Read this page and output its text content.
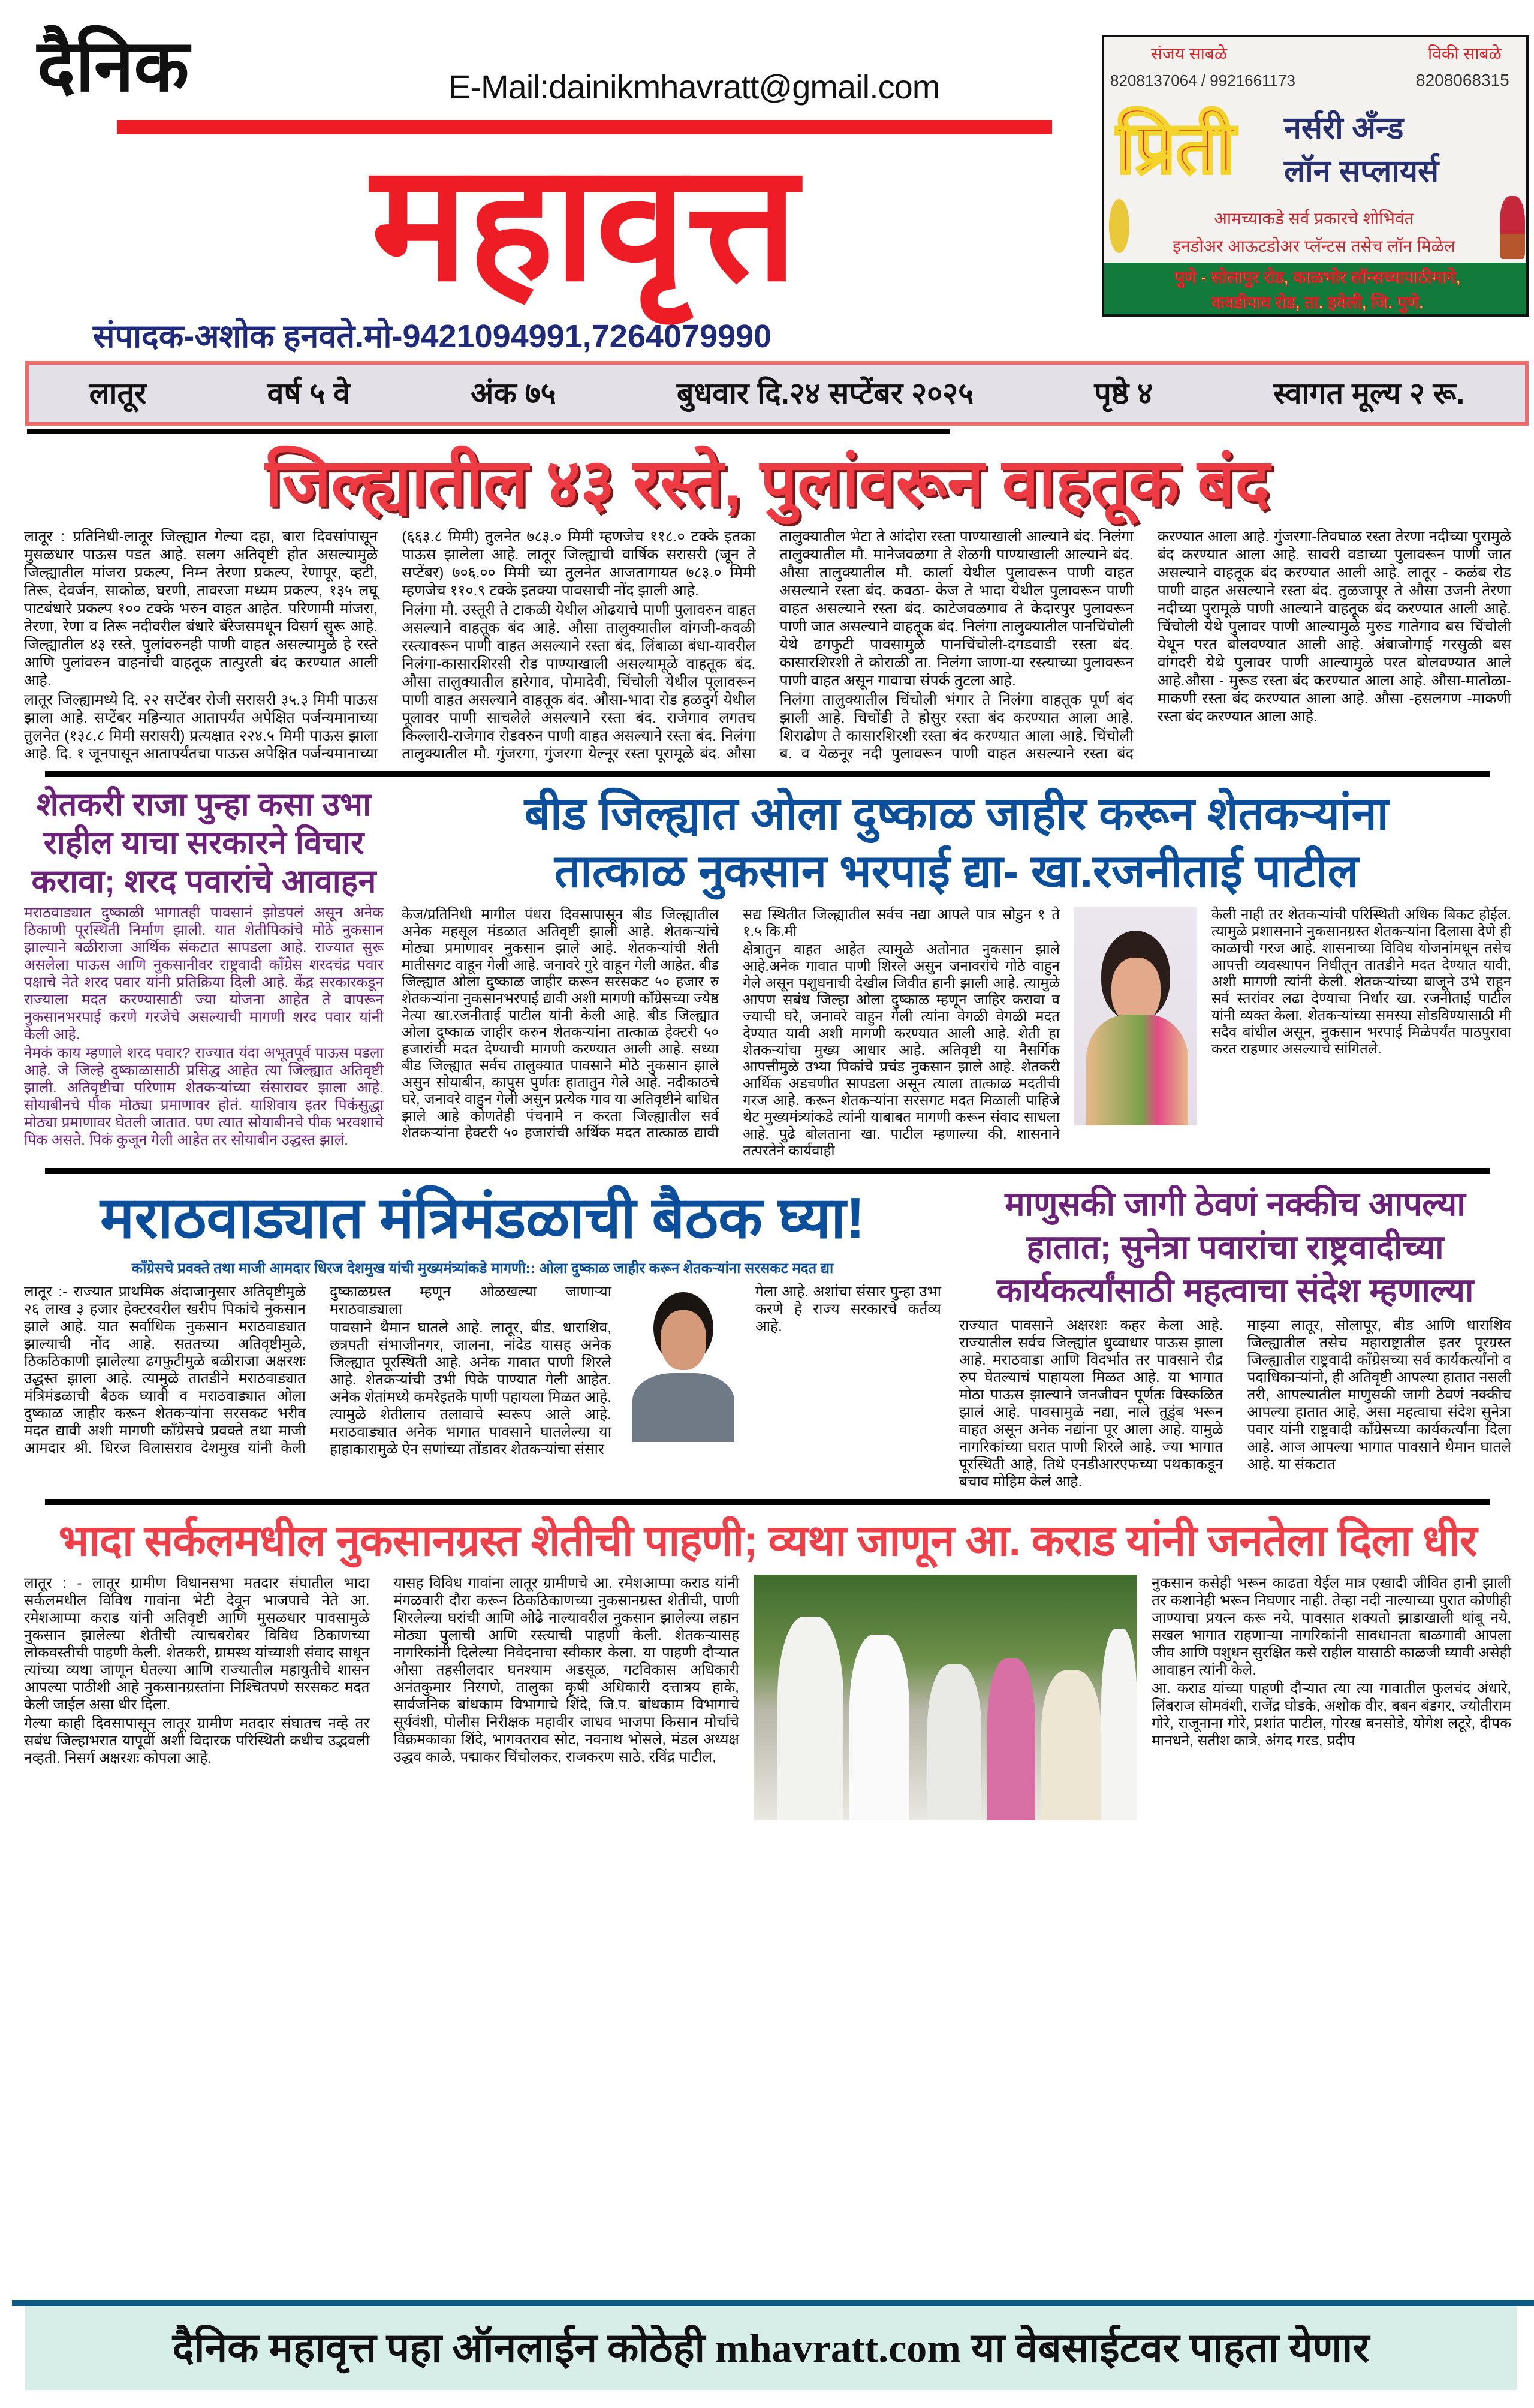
दैनिक	E-Mail:dainikmhavratt@gmail.com
महावृत्त
संपादक-अशोक हनवते.मो-9421094991,7264079990
संजय साबळे
8208137064 / 9921661173
विकी साबळे
8208068315
प्रिती नर्सरी अँन्ड
लॉन सप्लायर्स
आमच्याकडे सर्व प्रकारचे शोभिवंत
इनडोअर आऊटडोअर प्लॅन्टस तसेच लॉन मिळेल
पुणे - सोलापुर रोड, काळभोर लॉन्सच्यापाठीमागे,
कवडीपाव रोड, ता. हवेली, जि. पुणे.
लातूर	वर्ष ५ वे	अंक ७५	बुधवार दि.२४ सप्टेंबर २०२५	पृष्ठे ४	स्वागत मूल्य २ रू.
जिल्ह्यातील ४३ रस्ते, पुलांवरून वाहतूक बंद

लातूर : प्रतिनिधी-लातूर जिल्ह्यात गेल्या दहा, बारा दिवसांपासून मुसळधार पाऊस पडत आहे. सलग अतिवृष्टी होत असल्यामुळे जिल्ह्यातील मांजरा प्रकल्प, निम्न तेरणा प्रकल्प, रेणापूर, व्हटी, तिरू, देवर्जन, साकोळ, घरणी, तावरजा मध्यम प्रकल्प, १३५ लघू पाटबंधारे प्रकल्प १०० टक्के भरुन वाहत आहेत. परिणामी मांजरा, तेरणा, रेणा व तिरू नदीवरील बंधारे बॅरेजसमधून विसर्ग सुरू आहे. जिल्ह्यातील ४३ रस्ते, पुलांवरुनही पाणी वाहत असल्यामुळे हे रस्ते आणि पुलांवरुन वाहनांची वाहतूक तात्पुरती बंद करण्यात आली आहे.

लातूर जिल्ह्यामध्ये दि. २२ सप्टेंबर रोजी सरासरी ३५.३ मिमी पाऊस झाला आहे. सप्टेंबर महिन्यात आतापर्यंत अपेक्षित पर्जन्यमानाच्या तुलनेत (१३८.८ मिमी सरासरी) प्रत्यक्षात २२४.५ मिमी पाऊस झाला आहे. दि. १ जूनपासून आतापर्यंतचा पाऊस अपेक्षित पर्जन्यमानाच्या (६६३.८ मिमी) तुलनेत ७८३.० मिमी म्हणजेच ११८.० टक्के इतका पाऊस झालेला आहे. लातूर जिल्ह्याची वार्षिक सरासरी (जून ते सप्टेंबर) ७०६.०० मिमी च्या तुलनेत आजतागायत ७८३.० मिमी म्हणजेच ११०.९ टक्के इतक्या पावसाची नोंद झाली आहे.

निलंगा मौ. उस्तूरी ते टाकळी येथील ओढयाचे पाणी पुलावरुन वाहत असल्याने वाहतूक बंद आहे. औसा तालुक्यातील वांगजी-कवळी रस्त्यावरून पाणी वाहत असल्याने रस्ता बंद, लिंबाळा बंधा-यावरील निलंगा-कासारशिरसी रोड पाण्याखाली असल्यामूळे वाहतूक बंद. औसा तालुक्यातील हारेगाव, पोमादेवी, चिंचोली येथील पूलावरून पाणी वाहत असल्याने वाहतूक बंद. औसा-भादा रोड हळदुर्ग येथील पूलावर पाणी साचलेले असल्याने रस्ता बंद. राजेगाव लगतच किल्लारी-राजेगाव रोडवरुन पाणी वाहत असल्याने रस्ता बंद. निलंगा तालुक्यातील मौ. गुंजरगा, गुंजरगा येल्नूर रस्ता पूरामूळे बंद. औसा तालुक्यातील भेटा ते आंदोरा रस्ता पाण्याखाली आल्याने बंद. निलंगा तालुक्यातील मौ. मानेजवळगा ते शेळगी पाण्याखाली आल्याने बंद. औसा तालुक्यातील मौ. कार्ला येथील पुलावरून पाणी वाहत असल्याने रस्ता बंद. कवठा- केज ते भादा येथील पुलावरून पाणी वाहत असल्याने रस्ता बंद. काटेजवळगाव ते केदारपुर पुलावरून पाणी जात असल्याने वाहतूक बंद. निलंगा तालुक्यातील पानचिंचोली येथे ढगफुटी पावसामुळे पानचिंचोली-दगडवाडी रस्ता बंद. कासारशिरशी ते कोराळी ता. निलंगा जाणा-या रस्त्याच्या पुलावरून पाणी वाहत असून गावाचा संपर्क तुटला आहे.

निलंगा तालुक्यातील चिंचोली भंगार ते निलंगा वाहतूक पूर्ण बंद झाली आहे. चिचोंडी ते होसुर रस्ता बंद करण्यात आला आहे. शिराढोण ते कासारशिरशी रस्ता बंद करण्यात आला आहे. चिंचोली ब. व येळनूर नदी पुलावरून पाणी वाहत असल्याने रस्ता बंद करण्यात आला आहे. गुंजरगा-तिवघाळ रस्ता तेरणा नदीच्या पुरामुळे बंद करण्यात आला आहे. सावरी वडाच्या पुलावरून पाणी जात असल्याने वाहतूक बंद करण्यात आली आहे. लातूर - कळंब रोड पाणी वाहत असल्याने रस्ता बंद. तुळजापूर ते औसा उजनी तेरणा नदीच्या पुरामूळे पाणी आल्याने वाहतूक बंद करण्यात आली आहे. चिंचोली येथे पुलावर पाणी आल्यामुळे मुरुड गातेगाव बस चिंचोली येथून परत बोलवण्यात आली आहे. अंबाजोगाई गरसुळी बस वांगदरी येथे पुलावर पाणी आल्यामुळे परत बोलवण्यात आले आहे.औसा - मुरूड रस्ता बंद करण्यात आला आहे. औसा-मातोळा-माकणी रस्ता बंद करण्यात आला आहे. औसा -हसलगण -माकणी रस्ता बंद करण्यात आला आहे.

शेतकरी राजा पुन्हा कसा उभा राहील याचा सरकारने विचार करावा; शरद पवारांचे आवाहन

मराठवाड्यात दुष्काळी भागातही पावसानं झोडपलं असून अनेक ठिकाणी पूरस्थिती निर्माण झाली. यात शेतीपिकांचे मोठे नुकसान झाल्याने बळीराजा आर्थिक संकटात सापडला आहे. राज्यात सुरू असलेला पाऊस आणि नुकसानीवर राष्ट्रवादी कॉंग्रेस शरदचंद्र पवार पक्षाचे नेते शरद पवार यांनी प्रतिक्रिया दिली आहे. केंद्र सरकारकडून राज्याला मदत करण्यासाठी ज्या योजना आहेत ते वापरून नुकसानभरपाई करणे गरजेचे असल्याची मागणी शरद पवार यांनी केली आहे.

नेमकं काय म्हणाले शरद पवार? राज्यात यंदा अभूतपूर्व पाऊस पडला आहे. जे जिल्हे दुष्काळासाठी प्रसिद्ध आहेत त्या जिल्ह्यात अतिवृष्टी झाली. अतिवृष्टीचा परिणाम शेतकऱ्यांच्या संसारावर झाला आहे. सोयाबीनचे पीक मोठ्या प्रमाणावर होतं. याशिवाय इतर पिकंसुद्धा मोठ्या प्रमाणावर घेतली जातात. पण त्यात सोयाबीनचे पीक भरवशाचे पिक असते. पिकं कुजून गेली आहेत तर सोयाबीन उद्धस्त झालं.

बीड जिल्ह्यात ओला दुष्काळ जाहीर करून शेतकऱ्यांना
तात्काळ नुकसान भरपाई द्या- खा.रजनीताई पाटील

केज/प्रतिनिधी मागील पंधरा दिवसापासून बीड जिल्ह्यातील अनेक महसूल मंडळात अतिवृष्टी झाली आहे. शेतकऱ्यांचे मोठ्या प्रमाणावर नुकसान झाले आहे. शेतकऱ्यांची शेती मातीसगट वाहून गेली आहे. जनावरे गुरे वाहून गेली आहेत. बीड जिल्ह्यात ओला दुष्काळ जाहीर करून सरसकट ५० हजार रु शेतकऱ्यांना नुकसानभरपाई द्यावी अशी मागणी कॉंग्रेसच्या ज्येष्ठ नेत्या खा.रजनीताई पाटील यांनी केली आहे. बीड जिल्ह्यात ओला दुष्काळ जाहीर करुन शेतकऱ्यांना तात्काळ हेक्टरी ५० हजारांची मदत देण्याची मागणी करण्यात आली आहे. सध्या बीड जिल्ह्यात सर्वच तालुक्यात पावसाने मोठे नुकसान झाले असुन सोयाबीन, कापुस पुर्णतः हातातुन गेले आहे. नदीकाठचे घरे, जनावरे वाहुन गेली असुन प्रत्येक गाव या अतिवृष्टीने बाधित झाले आहे कोणतेही पंचनामे न करता जिल्ह्यातील सर्व शेतकऱ्यांना हेक्टरी ५० हजारांची अर्थिक मदत तात्काळ द्यावी सद्य स्थितीत जिल्ह्यातील सर्वच नद्या आपले पात्र सोडुन १ ते १.५ कि.मी

क्षेत्रातुन वाहत आहेत त्यामुळे अतोनात नुकसान झाले आहे.अनेक गावात पाणी शिरले असुन जनावरांचे गोठे वाहुन गेले असून पशुधनाची देखील जिवीत हानी झाली आहे. त्यामुळे आपण सबंध जिल्हा ओला दुष्काळ म्हणून जाहिर करावा व ज्याची घरे, जनावरे वाहुन गेली त्यांना वेगळी वेगळी मदत देण्यात यावी अशी मागणी करण्यात आली आहे. शेती हा शेतकऱ्यांचा मुख्य आधार आहे. अतिवृष्टी या नैसर्गिक आपत्तीमुळे उभ्या पिकांचे प्रचंड नुकसान झाले आहे. शेतकरी आर्थिक अडचणीत सापडला असून त्याला तात्काळ मदतीची गरज आहे. करून शेतकऱ्यांना सरसगट मदत मिळाली पाहिजे थेट मुख्यमंत्र्यांकडे त्यांनी याबाबत मागणी करून संवाद साधला आहे. पुढे बोलताना खा. पाटील म्हणाल्या की, शासनाने तत्परतेने कार्यवाही

केली नाही तर शेतकऱ्यांची परिस्थिती अधिक बिकट होईल. त्यामुळे प्रशासनाने नुकसानग्रस्त शेतकऱ्यांना दिलासा देणे ही काळाची गरज आहे. शासनाच्या विविध योजनांमधून तसेच आपत्ती व्यवस्थापन निधीतून तातडीने मदत देण्यात यावी, अशी मागणी त्यांनी केली. शेतकऱ्यांच्या बाजूने उभे राहून सर्व स्तरांवर लढा देण्याचा निर्धार खा. रजनीताई पाटील यांनी व्यक्त केला. शेतकऱ्यांच्या समस्या सोडविण्यासाठी मी सदैव बांधील असून, नुकसान भरपाई मिळेपर्यंत पाठपुरावा करत राहणार असल्याचे सांगितले.

मराठवाड्यात मंत्रिमंडळाची बैठक घ्या!
कॉंग्रेसचे प्रवक्ते तथा माजी आमदार धिरज देशमुख यांची मुख्यमंत्र्यांकडे मागणी:: ओला दुष्काळ जाहीर करून शेतकऱ्यांना सरसकट मदत द्या

लातूर :- राज्यात प्राथमिक अंदाजानुसार अतिवृष्टीमुळे २६ लाख ३ हजार हेक्टरवरील खरीप पिकांचे नुकसान झाले आहे. यात सर्वाधिक नुकसान मराठवाड्यात झाल्याची नोंद आहे. सततच्या अतिवृष्टीमुळे, ठिकठिकाणी झालेल्या ढगफुटीमुळे बळीराजा अक्षरशः उद्धस्त झाला आहे. त्यामुळे तातडीने मराठवाड्यात मंत्रिमंडळाची बैठक घ्यावी व मराठवाड्यात ओला दुष्काळ जाहीर करून शेतकऱ्यांना सरसकट भरीव मदत द्यावी अशी मागणी कॉंग्रेसचे प्रवक्ते तथा माजी आमदार श्री. धिरज विलासराव देशमुख यांनी केली दुष्काळग्रस्त म्हणून ओळखल्या जाणाऱ्या मराठवाड्याला

पावसाने थैमान घातले आहे. लातूर, बीड, धाराशिव, छत्रपती संभाजीनगर, जालना, नांदेड यासह अनेक जिल्ह्यात पूरस्थिती आहे. अनेक गावात पाणी शिरले आहे. शेतकऱ्यांची उभी पिके पाण्यात गेली आहेत. अनेक शेतांमध्ये कमरेइतके पाणी पहायला मिळत आहे. त्यामुळे शेतीलाच तलावाचे स्वरूप आले आहे. मराठवाड्यात अनेक भागात पावसाने घातलेल्या या हाहाकारामुळे ऐन सणांच्या तोंडावर शेतकऱ्यांचा संसार

गेला आहे. अशांचा संसार पुन्हा उभा करणे हे राज्य सरकारचे कर्तव्य आहे.

माणुसकी जागी ठेवणं नक्कीच आपल्या हातात; सुनेत्रा पवारांचा राष्ट्रवादीच्या कार्यकर्त्यांसाठी महत्वाचा संदेश म्हणाल्या

राज्यात पावसाने अक्षरशः कहर केला आहे. राज्यातील सर्वच जिल्ह्यांत धुव्वाधार पाऊस झाला आहे. मराठवाडा आणि विदर्भात तर पावसाने रौद्र रुप घेतल्याचं पाहायला मिळत आहे. या भागात मोठा पाऊस झाल्याने जनजीवन पूर्णतः विस्कळित झालं आहे. पावसामुळे नद्या, नाले तुडुंब भरून वाहत असून अनेक नद्यांना पूर आला आहे. यामुळे नागरिकांच्या घरात पाणी शिरले आहे. ज्या भागात पूरस्थिती आहे, तिथे एनडीआरएफच्या पथकाकडून बचाव मोहिम केलं आहे.

माझ्या लातूर, सोलापूर, बीड आणि धाराशिव जिल्ह्यातील तसेच महाराष्ट्रातील इतर पूरग्रस्त जिल्ह्यातील राष्ट्रवादी कॉंग्रेसच्या सर्व कार्यकर्त्यांनो व पदाधिकाऱ्यांनो, ही अतिवृष्टी आपल्या हातात नसली तरी, आपल्यातील माणुसकी जागी ठेवणं नक्कीच आपल्या हातात आहे, असा महत्वाचा संदेश सुनेत्रा पवार यांनी राष्ट्रवादी कॉंग्रेसच्या कार्यकर्त्यांना दिला आहे. आज आपल्या भागात पावसाने थैमान घातले आहे. या संकटात

भादा सर्कलमधील नुकसानग्रस्त शेतीची पाहणी; व्यथा जाणून आ. कराड यांनी जनतेला दिला धीर

लातूर : - लातूर ग्रामीण विधानसभा मतदार संघातील भादा सर्कलमधील विविध गावांना भेटी देवून भाजपाचे नेते आ. रमेशआप्पा कराड यांनी अतिवृष्टी आणि मुसळधार पावसामुळे नुकसान झालेल्या शेतीची त्याचबरोबर विविध ठिकाणच्या लोकवस्तीची पाहणी केली. शेतकरी, ग्रामस्थ यांच्याशी संवाद साधून त्यांच्या व्यथा जाणून घेतल्या आणि राज्यातील महायुतीचे शासन आपल्या पाठीशी आहे नुकसानग्रस्तांना निश्चितपणे सरसकट मदत केली जाईल असा धीर दिला.

गेल्या काही दिवसापासून लातूर ग्रामीण मतदार संघातच नव्हे तर सबंध जिल्हाभरात यापूर्वी अशी विदारक परिस्थिती कधीच उद्भवली नव्हती. निसर्ग अक्षरशः कोपला आहे.

यासह विविध गावांना लातूर ग्रामीणचे आ. रमेशआप्पा कराड यांनी मंगळवारी दौरा करून ठिकठिकाणच्या नुकसानग्रस्त शेतीची, पाणी शिरलेल्या घरांची आणि ओढे नाल्यावरील नुकसान झालेल्या लहान मोठ्या पुलाची आणि रस्त्याची पाहणी केली. शेतकऱ्यासह नागरिकांनी दिलेल्या निवेदनाचा स्वीकार केला. या पाहणी दौऱ्यात औसा तहसीलदार घनश्याम अडसूळ, गटविकास अधिकारी अनंतकुमार निरगणे, तालुका कृषी अधिकारी दत्तात्रय हाके, सार्वजनिक बांधकाम विभागाचे शिंदे, जि.प. बांधकाम विभागाचे सूर्यवंशी, पोलीस निरीक्षक महावीर जाधव भाजपा किसान मोर्चाचे विक्रमकाका शिंदे, भागवतराव सोट, नवनाथ भोसले, मंडल अध्यक्ष उद्धव काळे, पद्माकर चिंचोलकर, राजकरण साठे, रविंद्र पाटील,

नुकसान कसेही भरून काढता येईल मात्र एखादी जीवित हानी झाली तर कशानेही भरून निघणार नाही. तेव्हा नदी नाल्याच्या पुरात कोणीही जाण्याचा प्रयत्न करू नये, पावसात शक्यतो झाडाखाली थांबू नये, सखल भागात राहणाऱ्या नागरिकांनी सावधानता बाळगावी आपला जीव आणि पशुधन सुरक्षित कसे राहील यासाठी काळजी घ्यावी असेही आवाहन त्यांनी केले.

आ. कराड यांच्या पाहणी दौऱ्यात त्या त्या गावातील फुलचंद अंधारे, लिंबराज सोमवंशी, राजेंद्र घोडके, अशोक वीर, बबन बंडगर, ज्योतीराम गोरे, राजूनाना गोरे, प्रशांत पाटील, गोरख बनसोडे, योगेश लटूरे, दीपक मानधने, सतीश कात्रे, अंगद गरड, प्रदीप

दैनिक महावृत्त पहा ऑनलाईन कोठेही mhavratt.com या वेबसाईटवर पाहता येणार
